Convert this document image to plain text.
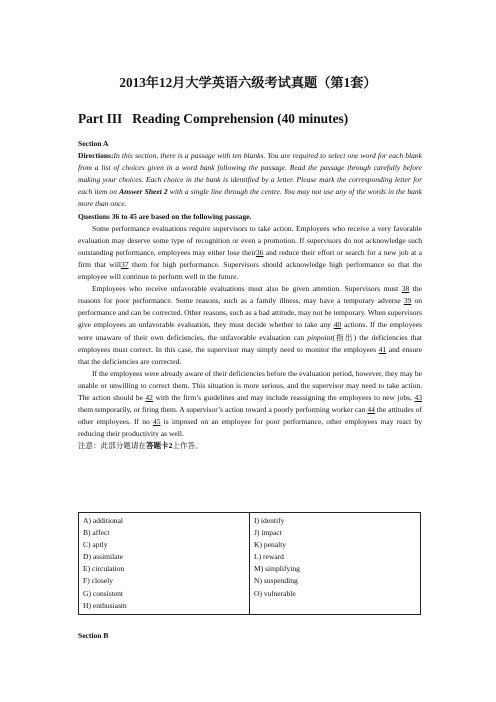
2013年12月大学英语六级考试真题（第1套）
Part III   Reading Comprehension (40 minutes)

Section A

Directions:In this section, there is a passage with ten blanks. You are required to select one word for each blank from a list of choices given in a word bank following the passage. Read the passage through carefully before making your choices. Each choice in the bank is identified by a letter. Please mark the corresponding letter for each item on Answer Sheet 2 with a single line through the centre. You may not use any of the words in the bank more than once.

Questions 36 to 45 are based on the following passage.

Some performance evaluations require supervisors to take action. Employees who receive a very favorable evaluation may deserve some type of recognition or even a promotion. If supervisors do not acknowledge such outstanding performance, employees may either lose their36 and reduce their effort or search for a new job at a firm that will37 them for high performance. Supervisors should acknowledge high performance so that the employee will continue to perform well in the future.

Employees who receive unfavorable evaluations must also be given attention. Supervisors must 38 the reasons for poor performance. Some reasons, such as a family illness, may have a temporary adverse 39 on performance and can be corrected. Other reasons, such as a bad attitude, may not be temporary. When supervisors give employees an unfavorable evaluation, they must decide whether to take any 40 actions. If the employees were unaware of their own deficiencies, the unfavorable evaluation can pinpoint(指出) the deficiencies that employees must correct. In this case, the supervisor may simply need to monitor the employees 41 and ensure that the deficiencies are corrected.

If the employees were already aware of their deficiencies before the evaluation period, however, they may be unable or unwilling to correct them. This situation is more serious, and the supervisor may need to take action. The action should be 42 with the firm’s guidelines and may include reassigning the employees to new jobs, 43 them temporarily, or firing them. A supervisor’s action toward a poorly performing worker can 44 the attitudes of other employees. If no 45 is imposed on an employee for poor performance, other employees may react by reducing their productivity as well.

注意：此部分题请在答题卡2上作答。

A) additional
B) affect
C) aptly
D) assimilate
E) circulation
F) closely
G) consistent
H) enthusiasm

I) identify
J) impact
K) penalty
L) reward
M) simplifying
N) suspending
O) vulnerable
Section B
